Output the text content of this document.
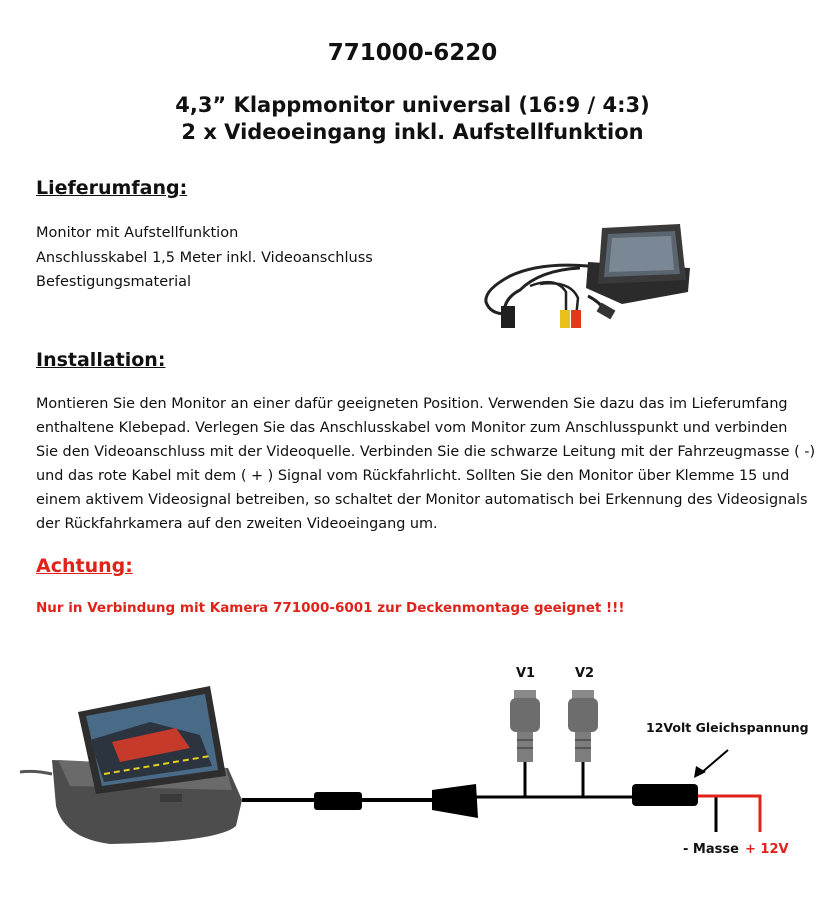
771000-6220
4,3” Klappmonitor universal (16:9 / 4:3)
2 x Videoeingang inkl. Aufstellfunktion
Lieferumfang:
Monitor mit Aufstellfunktion
Anschlusskabel 1,5 Meter inkl. Videoanschluss
Befestigungsmaterial
Installation:
Montieren Sie den Monitor an einer dafür geeigneten Position. Verwenden Sie dazu das im Lieferumfang
enthaltene Klebepad. Verlegen Sie das Anschlusskabel vom Monitor zum Anschlusspunkt und verbinden
Sie den Videoanschluss mit der Videoquelle. Verbinden Sie die schwarze Leitung mit der Fahrzeugmasse ( -)
und das rote Kabel mit dem ( + ) Signal vom Rückfahrlicht. Sollten Sie den Monitor über Klemme 15 und
einem aktivem Videosignal betreiben, so schaltet der Monitor automatisch bei Erkennung des Videosignals
der Rückfahrkamera auf den zweiten Videoeingang um.
Achtung:
Nur in Verbindung mit Kamera 771000-6001 zur Deckenmontage geeignet !!!
V1	V2
12Volt Gleichspannung
- Masse + 12V
